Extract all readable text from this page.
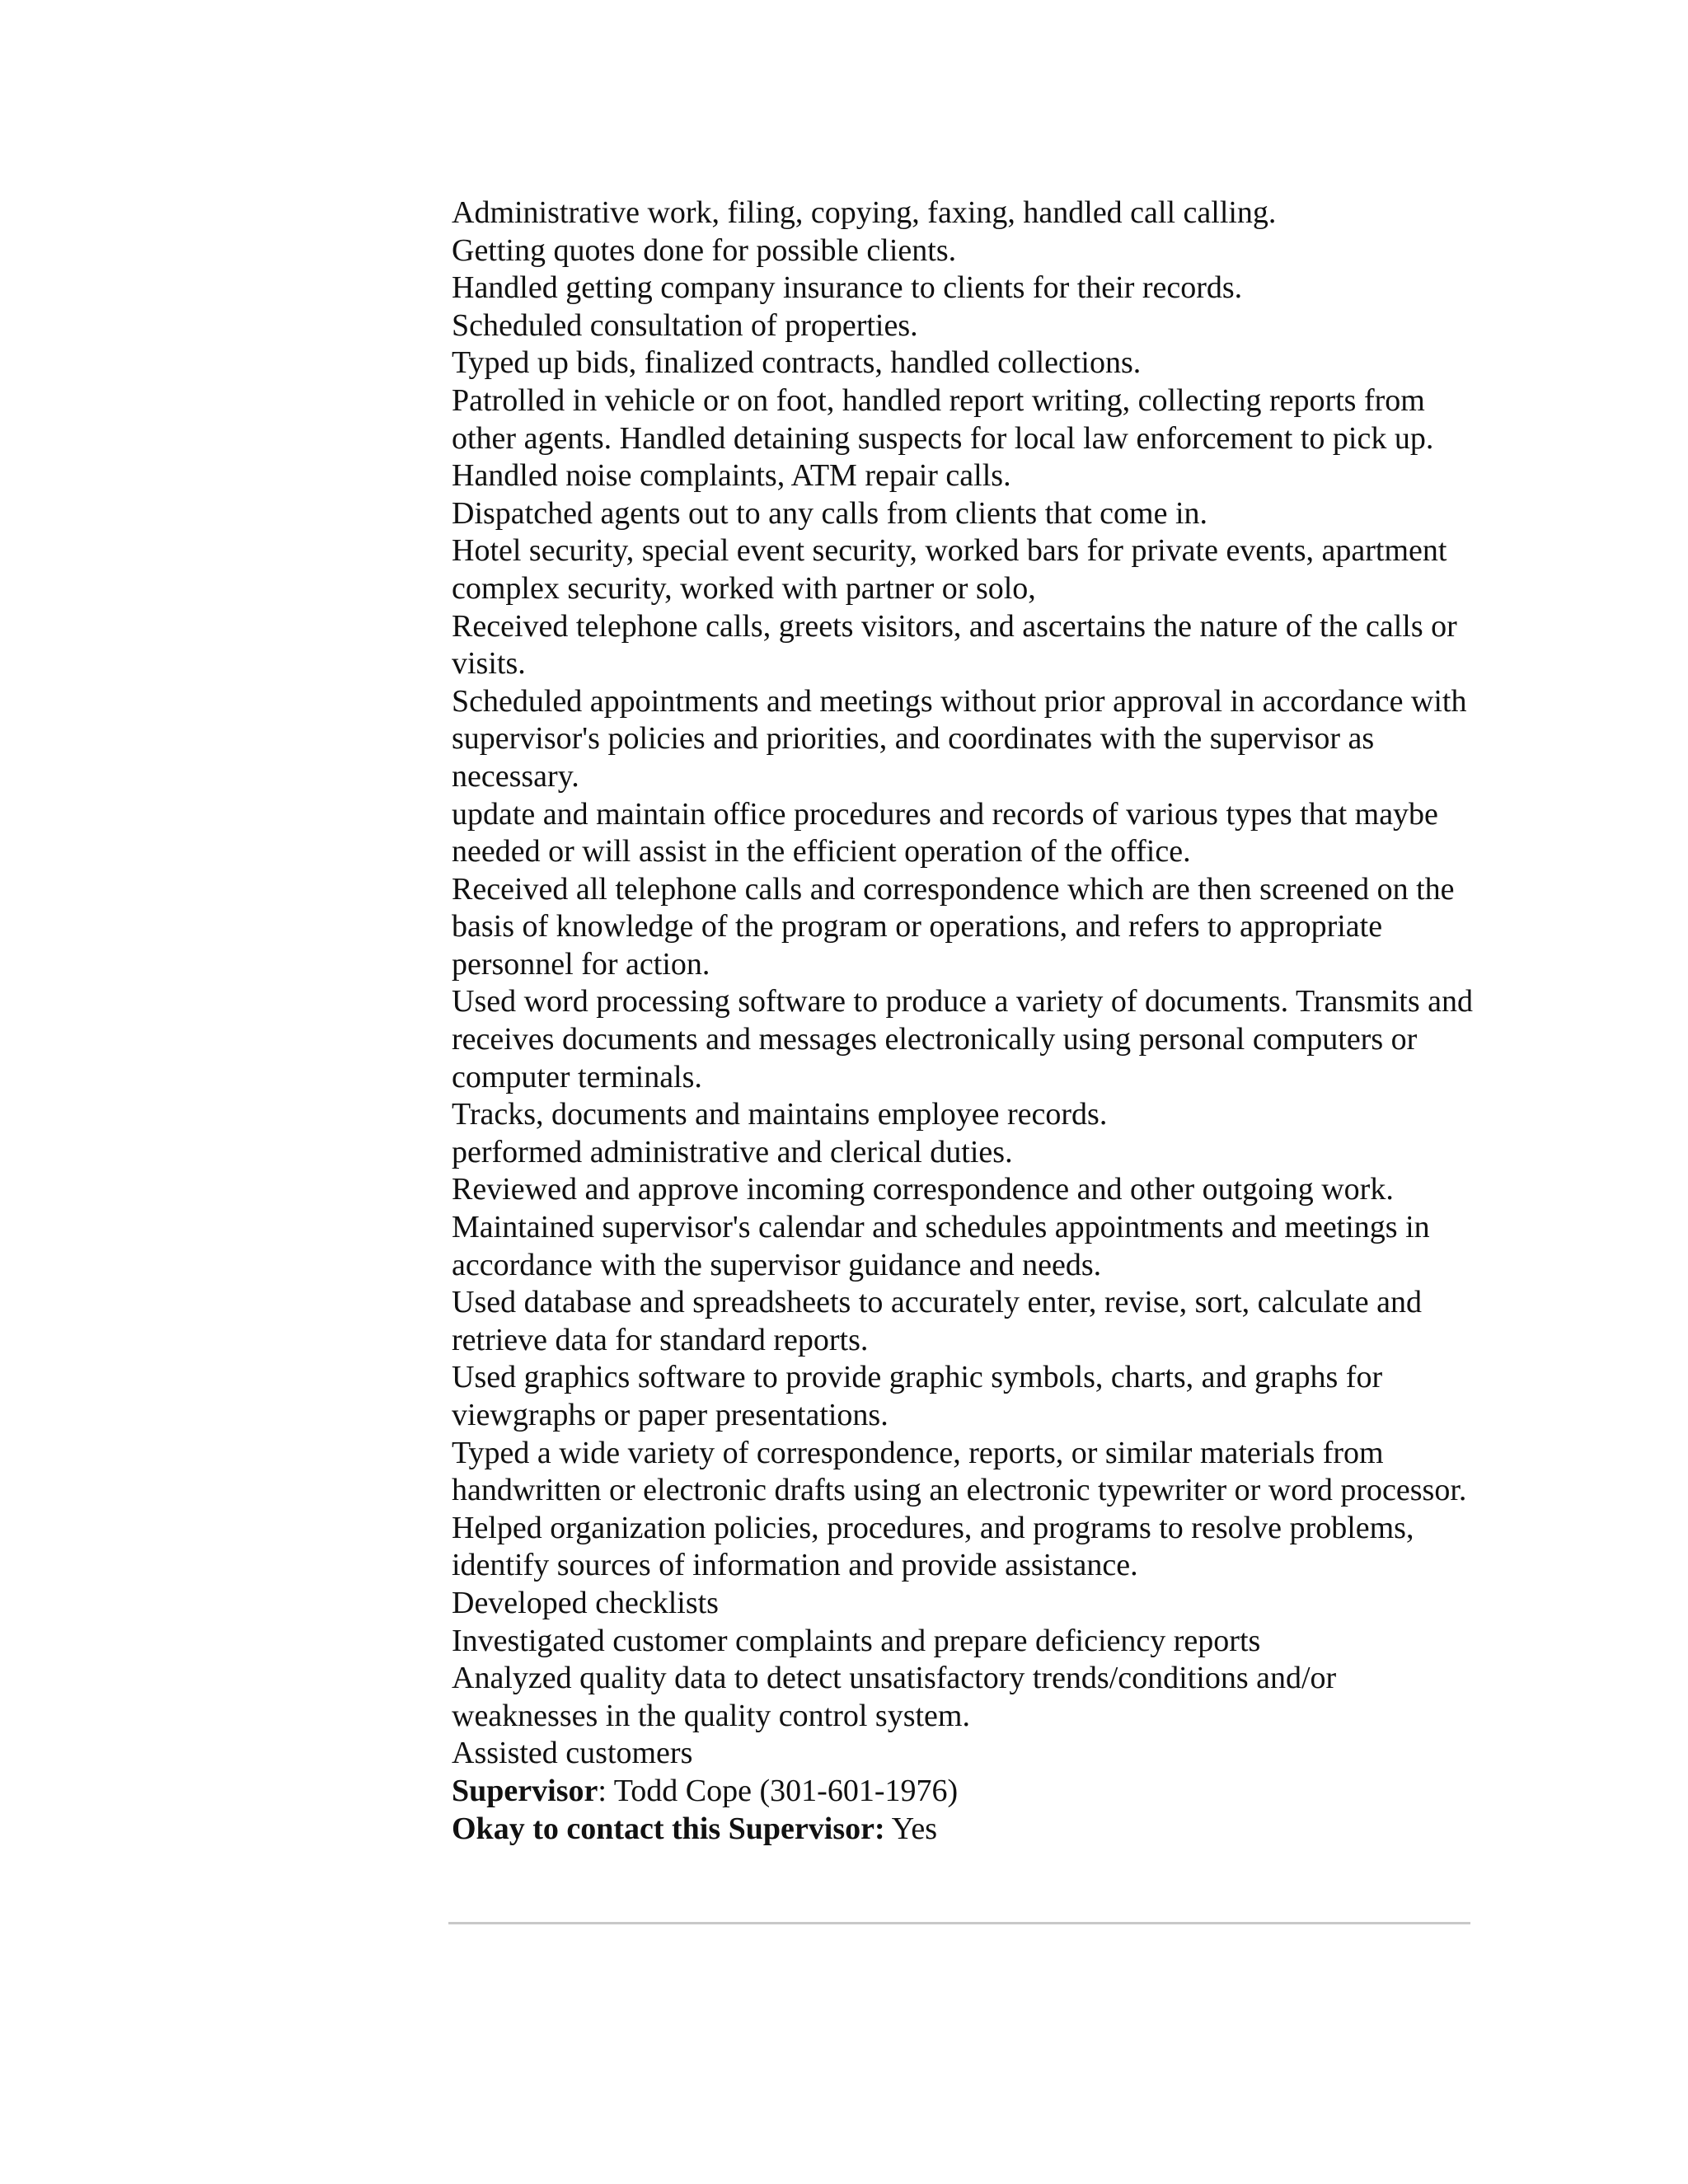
Administrative work, filing, copying, faxing, handled call calling.

Getting quotes done for possible clients.

Handled getting company insurance to clients for their records.

Scheduled consultation of properties.

Typed up bids, finalized contracts, handled collections.

Patrolled in vehicle or on foot, handled report writing, collecting reports from other agents. Handled detaining suspects for local law enforcement to pick up.

Handled noise complaints, ATM repair calls.

Dispatched agents out to any calls from clients that come in.

Hotel security, special event security, worked bars for private events, apartment complex security, worked with partner or solo,

Received telephone calls, greets visitors, and ascertains the nature of the calls or visits.

Scheduled appointments and meetings without prior approval in accordance with supervisor's policies and priorities, and coordinates with the supervisor as necessary.

update and maintain office procedures and records of various types that maybe needed or will assist in the efficient operation of the office.

Received all telephone calls and correspondence which are then screened on the basis of knowledge of the program or operations, and refers to appropriate personnel for action.

Used word processing software to produce a variety of documents. Transmits and receives documents and messages electronically using personal computers or computer terminals.

Tracks, documents and maintains employee records.

performed administrative and clerical duties.

Reviewed and approve incoming correspondence and other outgoing work.

Maintained supervisor's calendar and schedules appointments and meetings in accordance with the supervisor guidance and needs.

Used database and spreadsheets to accurately enter, revise, sort, calculate and retrieve data for standard reports.

Used graphics software to provide graphic symbols, charts, and graphs for viewgraphs or paper presentations.

Typed a wide variety of correspondence, reports, or similar materials from handwritten or electronic drafts using an electronic typewriter or word processor.

Helped organization policies, procedures, and programs to resolve problems, identify sources of information and provide assistance.

Developed checklists

Investigated customer complaints and prepare deficiency reports

Analyzed quality data to detect unsatisfactory trends/conditions and/or weaknesses in the quality control system.

Assisted customers

Supervisor: Todd Cope (301-601-1976)

Okay to contact this Supervisor: Yes
